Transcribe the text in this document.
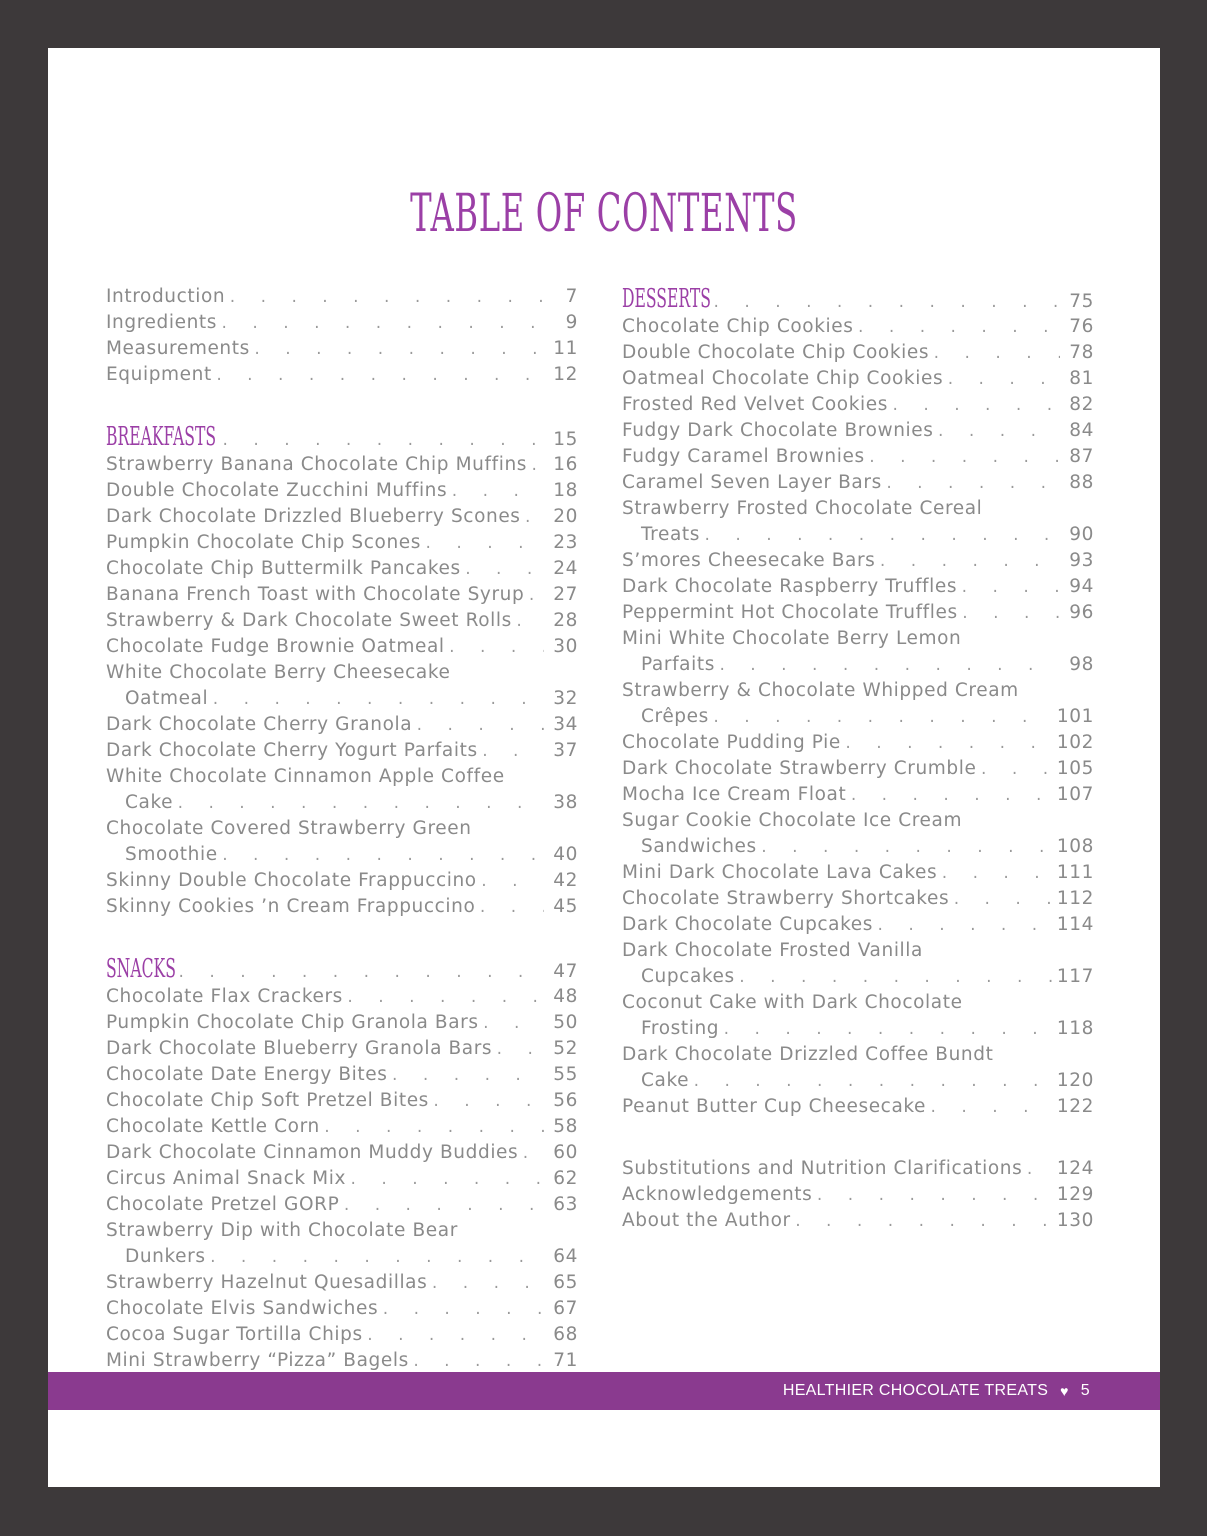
TABLE OF CONTENTS
Introduction . . .	7
Ingredients . . .	9
Measurements . . .	11
Equipment . . .	12
BREAKFASTS . . .	15
Strawberry Banana Chocolate Chip Muffins . . .	16
Double Chocolate Zucchini Muffins . . .	18
Dark Chocolate Drizzled Blueberry Scones . . .	20
Pumpkin Chocolate Chip Scones . . .	23
Chocolate Chip Buttermilk Pancakes . . .	24
Banana French Toast with Chocolate Syrup . . .	27
Strawberry & Dark Chocolate Sweet Rolls . . .	28
Chocolate Fudge Brownie Oatmeal . . .	30
White Chocolate Berry Cheesecake
Oatmeal . . .	32
Dark Chocolate Cherry Granola . . .	34
Dark Chocolate Cherry Yogurt Parfaits . . .	37
White Chocolate Cinnamon Apple Coffee
Cake . . .	38
Chocolate Covered Strawberry Green
Smoothie . . .	40
Skinny Double Chocolate Frappuccino . . .	42
Skinny Cookies ’n Cream Frappuccino . . .	45
SNACKS . . .	47
Chocolate Flax Crackers . . .	48
Pumpkin Chocolate Chip Granola Bars . . .	50
Dark Chocolate Blueberry Granola Bars . . .	52
Chocolate Date Energy Bites . . .	55
Chocolate Chip Soft Pretzel Bites . . .	56
Chocolate Kettle Corn . . .	58
Dark Chocolate Cinnamon Muddy Buddies . . .	60
Circus Animal Snack Mix . . .	62
Chocolate Pretzel GORP . . .	63
Strawberry Dip with Chocolate Bear
Dunkers . . .	64
Strawberry Hazelnut Quesadillas . . .	65
Chocolate Elvis Sandwiches . . .	67
Cocoa Sugar Tortilla Chips . . .	68
Mini Strawberry “Pizza” Bagels . . .	71
. . .
DESSERTS . . .	75
Chocolate Chip Cookies . . .	76
Double Chocolate Chip Cookies . . .	78
Oatmeal Chocolate Chip Cookies . . .	81
Frosted Red Velvet Cookies . . .	82
Fudgy Dark Chocolate Brownies . . .	84
Fudgy Caramel Brownies . . .	87
Caramel Seven Layer Bars . . .	88
Strawberry Frosted Chocolate Cereal
Treats . . .	90
S’mores Cheesecake Bars . . .	93
Dark Chocolate Raspberry Truffles . . .	94
Peppermint Hot Chocolate Truffles . . .	96
Mini White Chocolate Berry Lemon
Parfaits . . .	98
Strawberry & Chocolate Whipped Cream
Crêpes . . .	101
Chocolate Pudding Pie . . .	102
Dark Chocolate Strawberry Crumble . . .	105
Mocha Ice Cream Float . . .	107
Sugar Cookie Chocolate Ice Cream
Sandwiches . . .	108
Mini Dark Chocolate Lava Cakes . . .	111
Chocolate Strawberry Shortcakes . . .	112
Dark Chocolate Cupcakes . . .	114
Dark Chocolate Frosted Vanilla
Cupcakes . . .	117
Coconut Cake with Dark Chocolate
Frosting . . .	118
Dark Chocolate Drizzled Coffee Bundt
Cake . . .	120
Peanut Butter Cup Cheesecake . . .	122
Substitutions and Nutrition Clarifications . . . 124
Acknowledgements . . .	129
About the Author . . .	130
HEALTHIER CHOCOLATE TREATS ♥ 5
